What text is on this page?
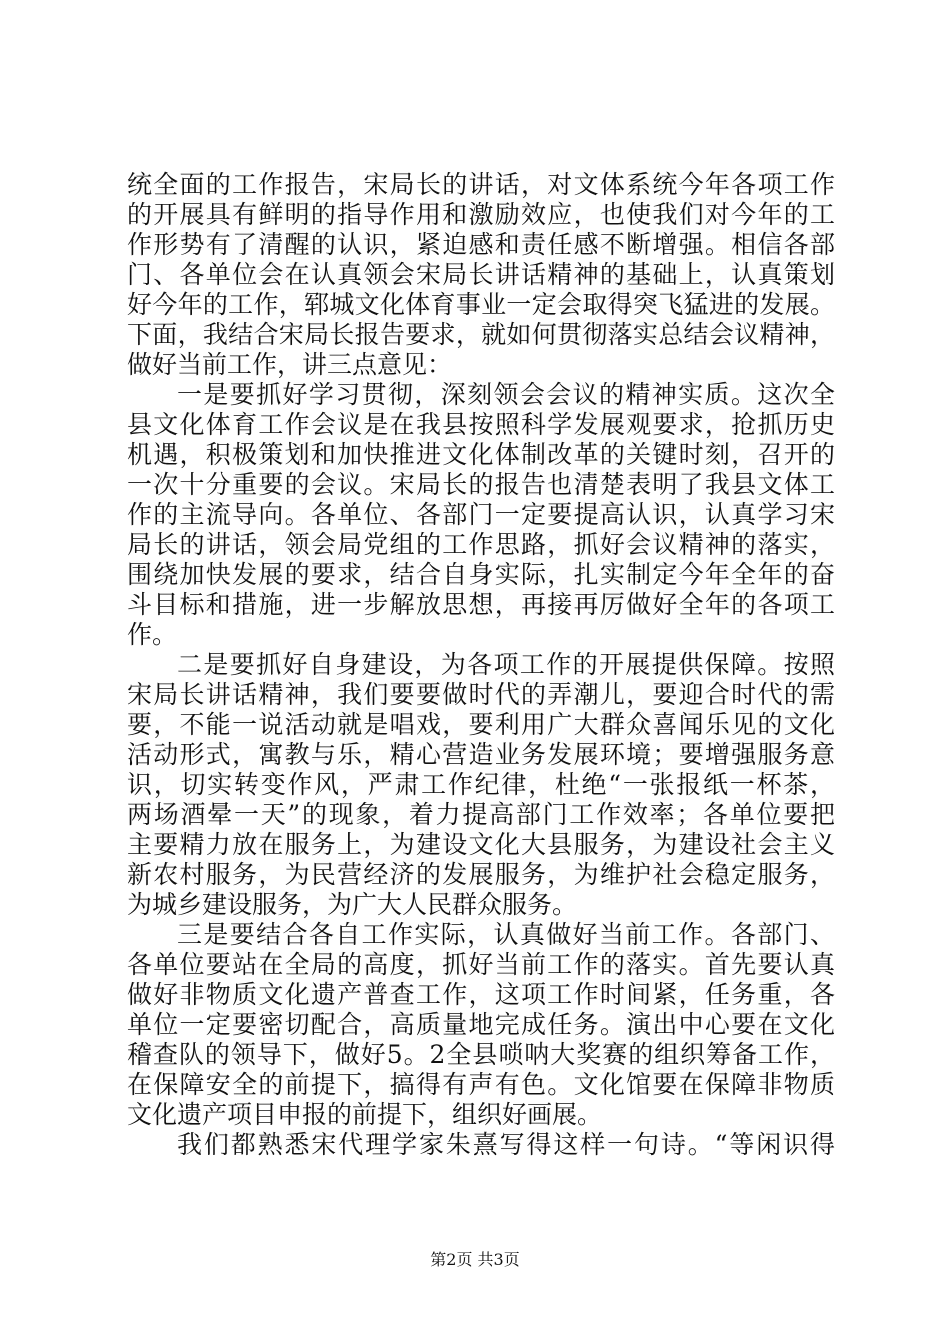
统全面的工作报告，宋局长的讲话，对文体系统今年各项工作
的开展具有鲜明的指导作用和激励效应，也使我们对今年的工
作形势有了清醒的认识，紧迫感和责任感不断增强。相信各部
门、各单位会在认真领会宋局长讲话精神的基础上，认真策划
好今年的工作，郓城文化体育事业一定会取得突飞猛进的发展。
下面，我结合宋局长报告要求，就如何贯彻落实总结会议精神，
做好当前工作，讲三点意见：
一是要抓好学习贯彻，深刻领会会议的精神实质。这次全
县文化体育工作会议是在我县按照科学发展观要求，抢抓历史
机遇，积极策划和加快推进文化体制改革的关键时刻，召开的
一次十分重要的会议。宋局长的报告也清楚表明了我县文体工
作的主流导向。各单位、各部门一定要提高认识，认真学习宋
局长的讲话，领会局党组的工作思路，抓好会议精神的落实，
围绕加快发展的要求，结合自身实际，扎实制定今年全年的奋
斗目标和措施，进一步解放思想，再接再厉做好全年的各项工
作。
二是要抓好自身建设，为各项工作的开展提供保障。按照
宋局长讲话精神，我们要要做时代的弄潮儿，要迎合时代的需
要，不能一说活动就是唱戏，要利用广大群众喜闻乐见的文化
活动形式，寓教与乐，精心营造业务发展环境；要增强服务意
识，切实转变作风，严肃工作纪律，杜绝“一张报纸一杯茶，
两场酒晕一天”的现象，着力提高部门工作效率；各单位要把
主要精力放在服务上，为建设文化大县服务，为建设社会主义
新农村服务，为民营经济的发展服务，为维护社会稳定服务，
为城乡建设服务，为广大人民群众服务。
三是要结合各自工作实际，认真做好当前工作。各部门、
各单位要站在全局的高度，抓好当前工作的落实。首先要认真
做好非物质文化遗产普查工作，这项工作时间紧，任务重，各
单位一定要密切配合，高质量地完成任务。演出中心要在文化
稽查队的领导下，做好5。2全县唢呐大奖赛的组织筹备工作，
在保障安全的前提下，搞得有声有色。文化馆要在保障非物质
文化遗产项目申报的前提下，组织好画展。
我们都熟悉宋代理学家朱熹写得这样一句诗。“等闲识得
第2页 共3页
